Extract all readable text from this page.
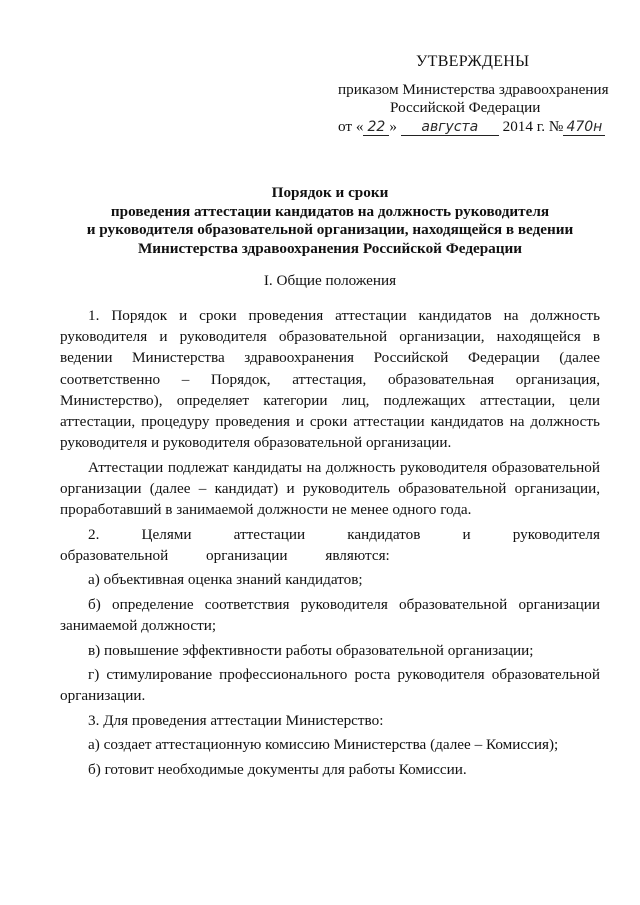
УТВЕРЖДЕНЫ
приказом Министерства здравоохранения
Российской Федерации
от « 22 » августа 2014 г. № 470н
Порядок и сроки
проведения аттестации кандидатов на должность руководителя
и руководителя образовательной организации, находящейся в ведении
Министерства здравоохранения Российской Федерации
I. Общие положения

1. Порядок и сроки проведения аттестации кандидатов на должность руководителя и руководителя образовательной организации, находящейся в ведении Министерства здравоохранения Российской Федерации (далее соответственно – Порядок, аттестация, образовательная организация, Министерство), определяет категории лиц, подлежащих аттестации, цели аттестации, процедуру проведения и сроки аттестации кандидатов на должность руководителя и руководителя образовательной организации.

Аттестации подлежат кандидаты на должность руководителя образовательной организации (далее – кандидат) и руководитель образовательной организации, проработавший в занимаемой должности не менее одного года.

2. Целями аттестации кандидатов и руководителя образовательной организации являются:

а) объективная оценка знаний кандидатов;

б) определение соответствия руководителя образовательной организации занимаемой должности;

в) повышение эффективности работы образовательной организации;

г) стимулирование профессионального роста руководителя образовательной организации.

3. Для проведения аттестации Министерство:

а) создает аттестационную комиссию Министерства (далее – Комиссия);

б) готовит необходимые документы для работы Комиссии.
